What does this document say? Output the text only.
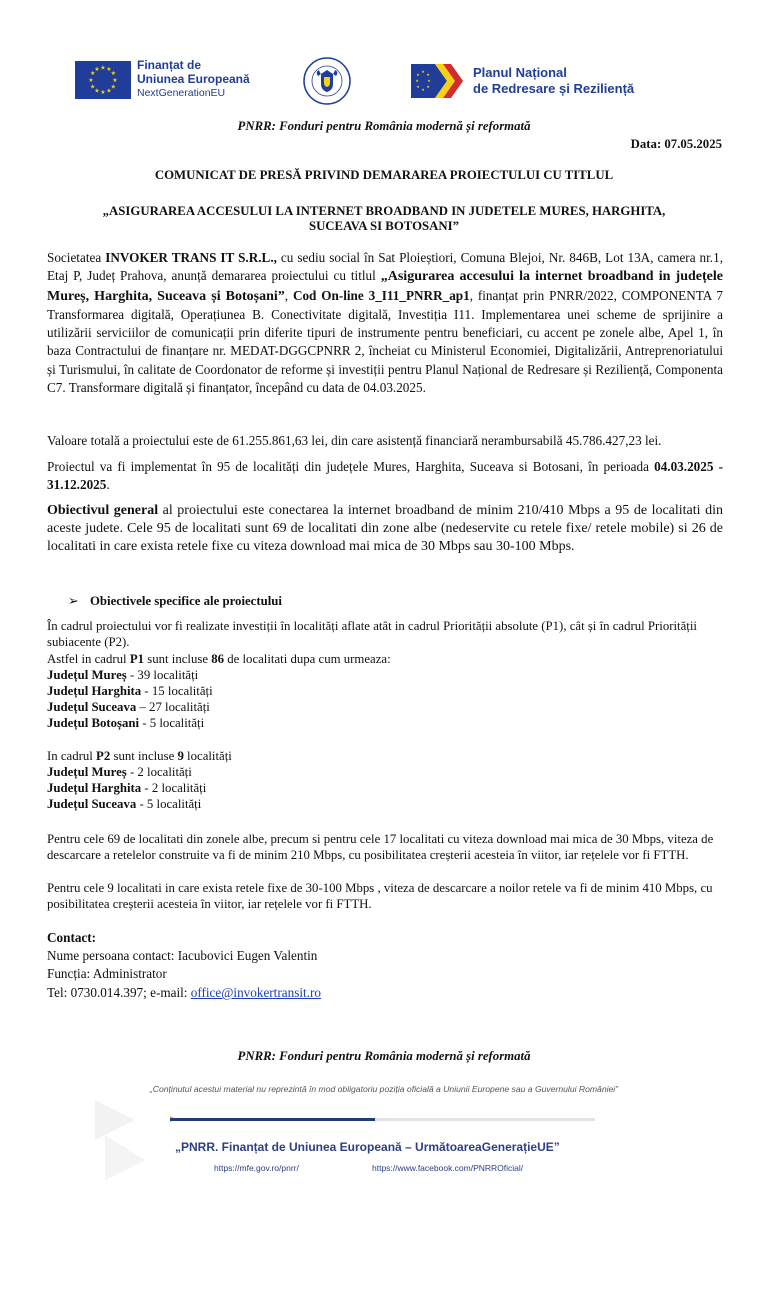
★ ★
★
★
★
★
★
★
★
★
★
★	Finanțat de
Uniunea Europeană
NextGenerationEU
★
★
★
★
★
★
★
★	Planul Național
de Redresare și Reziliență
PNRR: Fonduri pentru România modernă și reformată
Data: 07.05.2025
COMUNICAT DE PRESĂ PRIVIND DEMARAREA PROIECTULUI CU TITLUL
„ASIGURAREA ACCESULUI LA INTERNET BROADBAND IN JUDETELE MURES, HARGHITA,
SUCEAVA SI BOTOSANI”
Societatea INVOKER TRANS IT S.R.L., cu sediu social în Sat Ploieștiori, Comuna Blejoi, Nr. 846B, Lot 13A, camera nr.1, Etaj P, Județ Prahova, anunță demararea proiectului cu titlul „Asigurarea accesului la internet broadband in județele Mureș, Harghita, Suceava și Botoșani”, Cod On-line 3_I11_PNRR_ap1, finanțat prin PNRR/2022, COMPONENTA 7 Transformarea digitală, Operațiunea B. Conectivitate digitală, Investiția I11. Implementarea unei scheme de sprijinire a utilizării serviciilor de comunicații prin diferite tipuri de instrumente pentru beneficiari, cu accent pe zonele albe, Apel 1, în baza Contractului de finanțare nr. MEDAT-DGGCPNRR 2, încheiat cu Ministerul Economiei, Digitalizării, Antreprenoriatului și Turismului, în calitate de Coordonator de reforme și investiții pentru Planul Național de Redresare și Reziliență, Componenta C7. Transformare digitală și finanțator, începând cu data de 04.03.2025.
Valoare totală a proiectului este de 61.255.861,63 lei, din care asistență financiară nerambursabilă 45.786.427,23 lei.
Proiectul va fi implementat în 95 de localități din județele Mures, Harghita, Suceava si Botosani, în perioada 04.03.2025 - 31.12.2025.
Obiectivul general al proiectului este conectarea la internet broadband de minim 210/410 Mbps a 95 de localitati din aceste judete. Cele 95 de localitati sunt 69 de localitati din zone albe (nedeservite cu retele fixe/ retele mobile) si 26 de localitati in care exista retele fixe cu viteza download mai mica de 30 Mbps sau 30-100 Mbps.
➢ Obiectivele specifice ale proiectului
În cadrul proiectului vor fi realizate investiții în localități aflate atât in cadrul Priorității absolute (P1), cât și în cadrul Priorității subiacente (P2).
Astfel in cadrul P1 sunt incluse 86 de localitati dupa cum urmeaza:
Județul Mureș - 39 localități
Județul Harghita - 15 localități
Județul Suceava – 27 localități
Județul Botoșani - 5 localități
In cadrul P2 sunt incluse 9 localități
Județul Mureș - 2 localități
Județul Harghita - 2 localități
Județul Suceava - 5 localități
Pentru cele 69 de localitati din zonele albe, precum si pentru cele 17 localitati cu viteza download mai mica de 30 Mbps, viteza de descarcare a retelelor construite va fi de minim 210 Mbps, cu posibilitatea creșterii acesteia în viitor, iar rețelele vor fi FTTH.
Pentru cele 9 localitati in care exista retele fixe de 30-100 Mbps , viteza de descarcare a noilor retele va fi de minim 410 Mbps, cu posibilitatea creșterii acesteia în viitor, iar rețelele vor fi FTTH.
Contact:
Nume persoana contact: Iacubovici Eugen Valentin
Funcția: Administrator
Tel: 0730.014.397; e-mail: office@invokertransit.ro
PNRR: Fonduri pentru România modernă și reformată
„Conținutul acestui material nu reprezintă în mod obligatoriu poziția oficială a Uniunii Europene sau a Guvernului României”
„PNRR. Finanțat de Uniunea Europeană – UrmătoareaGenerațieUE”
https://mfe.gov.ro/pnrr/	https://www.facebook.com/PNRROficial/
